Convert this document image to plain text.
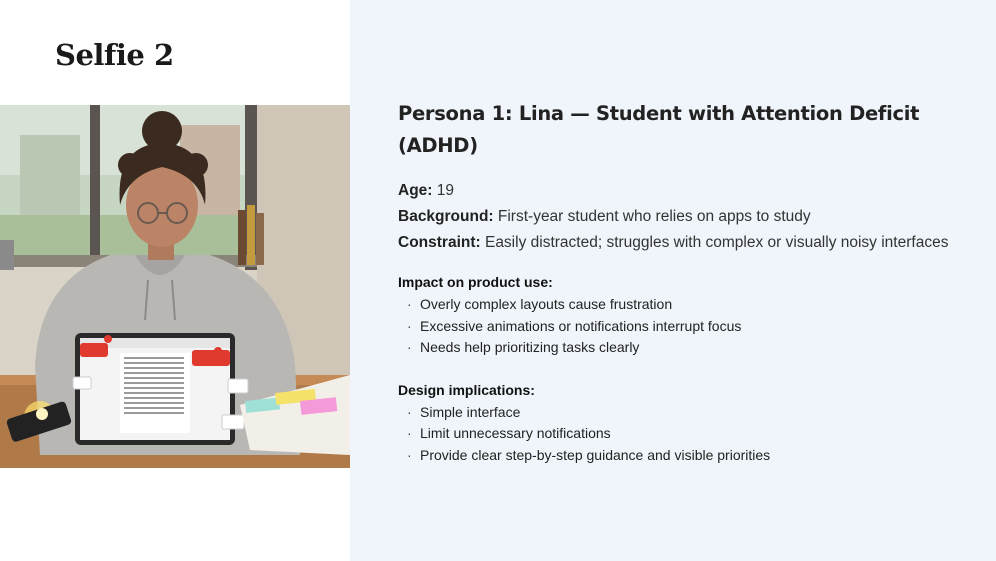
Selfie 2
Persona 1: Lina — Student with Attention Deficit (ADHD)

Age: 19

Background: First-year student who relies on apps to study

Constraint: Easily distracted; struggles with complex or visually noisy interfaces

Impact on product use:

· Overly complex layouts cause frustration
· Excessive animations or notifications interrupt focus
· Needs help prioritizing tasks clearly

Design implications:

· Simple interface
· Limit unnecessary notifications
· Provide clear step-by-step guidance and visible priorities
